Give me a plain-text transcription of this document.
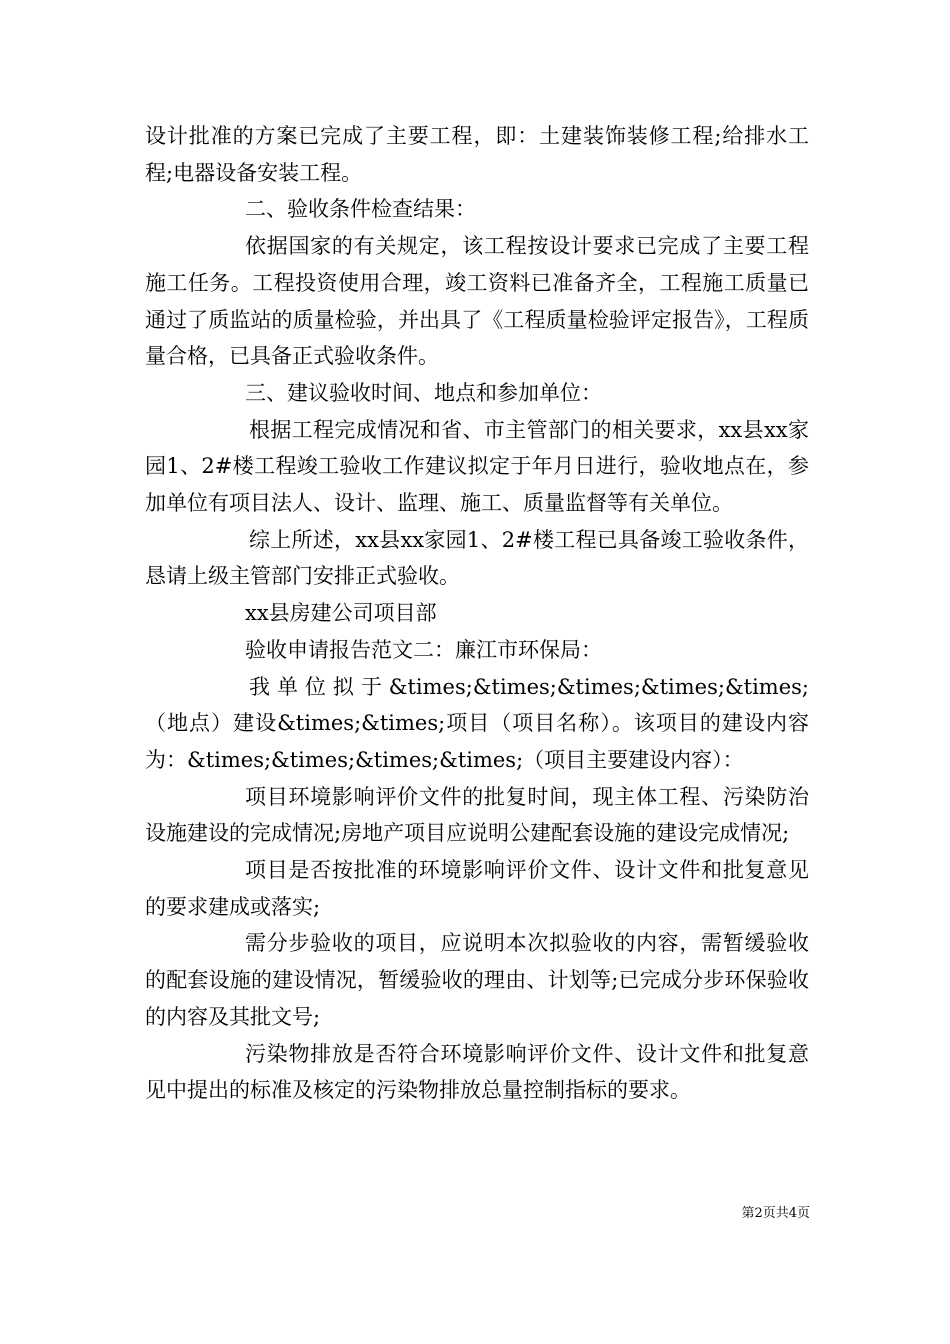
设计批准的方案已完成了主要工程，即：土建装饰装修工程;给排水工程;电器设备安装工程。

二、验收条件检查结果：

依据国家的有关规定，该工程按设计要求已完成了主要工程施工任务。工程投资使用合理，竣工资料已准备齐全，工程施工质量已通过了质监站的质量检验，并出具了《工程质量检验评定报告》，工程质量合格，已具备正式验收条件。

三、建议验收时间、地点和参加单位：

根据工程完成情况和省、市主管部门的相关要求，xx县xx家园1、2#楼工程竣工验收工作建议拟定于年月日进行，验收地点在，参加单位有项目法人、设计、监理、施工、质量监督等有关单位。

综上所述，xx县xx家园1、2#楼工程已具备竣工验收条件，恳请上级主管部门安排正式验收。

xx县房建公司项目部

验收申请报告范文二：廉江市环保局：

我单位拟于&times;&times;&times;&times;&times;（地点）建设&times;&times;项目（项目名称）。该项目的建设内容为：&times;&times;&times;&times;（项目主要建设内容）：

项目环境影响评价文件的批复时间，现主体工程、污染防治设施建设的完成情况;房地产项目应说明公建配套设施的建设完成情况;

项目是否按批准的环境影响评价文件、设计文件和批复意见的要求建成或落实;

需分步验收的项目，应说明本次拟验收的内容，需暂缓验收的配套设施的建设情况，暂缓验收的理由、计划等;已完成分步环保验收的内容及其批文号;

污染物排放是否符合环境影响评价文件、设计文件和批复意见中提出的标准及核定的污染物排放总量控制指标的要求。

第2页共4页
